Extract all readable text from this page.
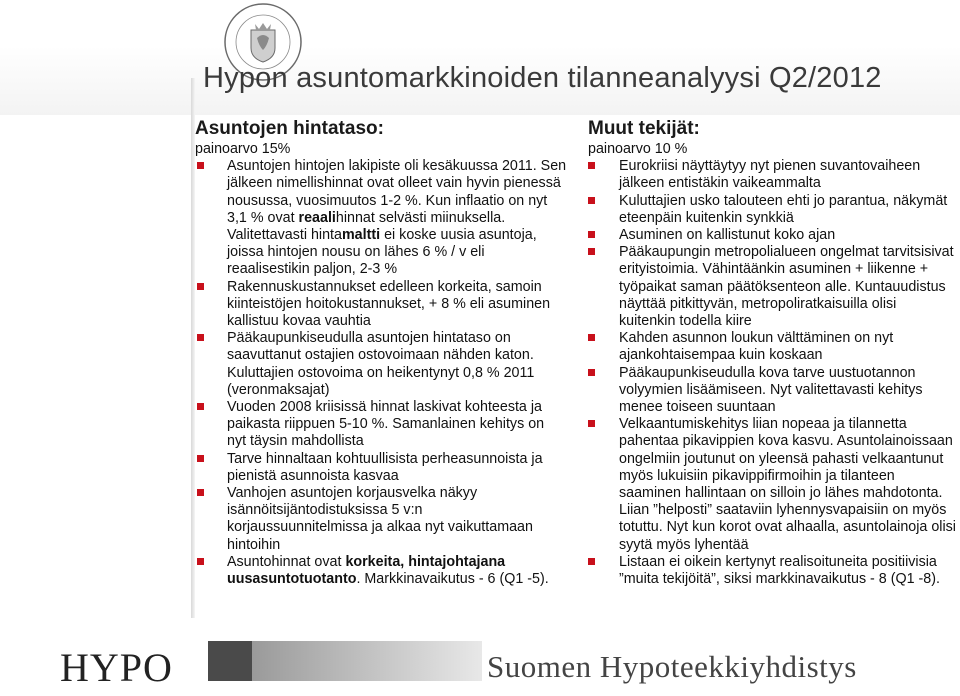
Hypon asuntomarkkinoiden tilanneanalyysi Q2/2012
Asuntojen hintataso:
painoarvo 15%
Asuntojen hintojen lakipiste oli kesäkuussa 2011. Sen jälkeen nimellishinnat ovat olleet vain hyvin pienessä nousussa, vuosimuutos 1-2 %. Kun inflaatio on nyt 3,1 % ovat reaalihinnat selvästi miinuksella. Valitettavasti hintamaltti ei koske uusia asuntoja, joissa hintojen nousu on lähes 6 % / v eli reaalisestikin paljon, 2-3 %
Rakennuskustannukset edelleen korkeita, samoin kiinteistöjen hoitokustannukset, + 8 % eli asuminen kallistuu kovaa vauhtia
Pääkaupunkiseudulla asuntojen hintataso on saavuttanut ostajien ostovoimaan nähden katon. Kuluttajien ostovoima on heikentynyt 0,8 % 2011 (veronmaksajat)
Vuoden 2008 kriisissä hinnat laskivat kohteesta ja paikasta riippuen 5-10 %. Samanlainen kehitys on nyt täysin mahdollista
Tarve hinnaltaan kohtuullisista perheasunnoista ja pienistä asunnoista kasvaa
Vanhojen asuntojen korjausvelka näkyy isännöitsijäntodistuksissa 5 v:n korjaussuunnitelmissa ja alkaa nyt vaikuttamaan hintoihin
Asuntohinnat ovat korkeita, hintajohtajana uusasuntotuotanto. Markkinavaikutus - 6 (Q1 -5).
Muut tekijät:
painoarvo 10 %
Eurokriisi näyttäytyy nyt pienen suvantovaiheen jälkeen entistäkin vaikeammalta
Kuluttajien usko talouteen ehti jo parantua, näkymät eteenpäin kuitenkin synkkiä
Asuminen on kallistunut koko ajan
Pääkaupungin metropolialueen ongelmat tarvitsisivat erityistoimia. Vähintäänkin asuminen + liikenne + työpaikat saman päätöksenteon alle. Kuntauudistus näyttää pitkittyvän, metropoliratkaisuilla olisi kuitenkin todella kiire
Kahden asunnon loukun välttäminen on nyt ajankohtaisempaa kuin koskaan
Pääkaupunkiseudulla kova tarve uustuotannon volyymien lisäämiseen. Nyt valitettavasti kehitys menee toiseen suuntaan
Velkaantumiskehitys liian nopeaa ja tilannetta pahentaa pikavippien kova kasvu. Asuntolainoissaan ongelmiin joutunut on yleensä pahasti velkaantunut myös lukuisiin pikavippifirmoihin ja tilanteen saaminen hallintaan on silloin jo lähes mahdotonta. Liian ”helposti” saataviin lyhennysvapaisiin on myös totuttu. Nyt kun korot ovat alhaalla, asuntolainoja olisi syytä myös lyhentää
Listaan ei oikein kertynyt realisoituneita positiivisia ”muita tekijöitä”, siksi markkinavaikutus - 8 (Q1 -8).
HYPO	Suomen Hypoteekkiyhdistys
